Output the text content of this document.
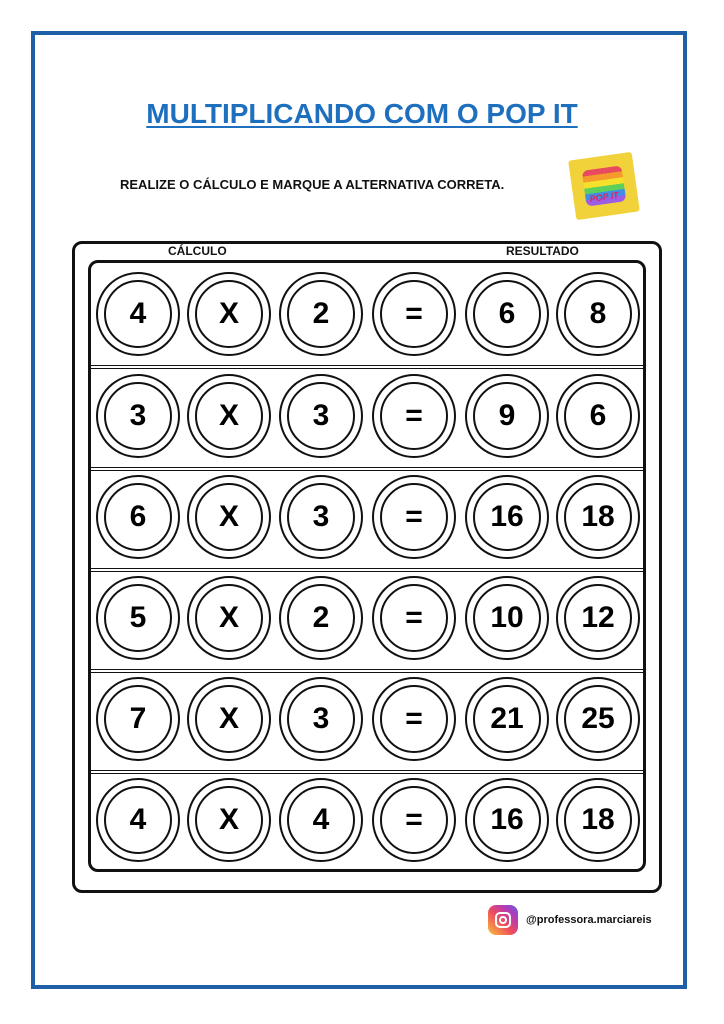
MULTIPLICANDO COM O POP IT
REALIZE O CÁLCULO E MARQUE A ALTERNATIVA CORRETA.
POP IT
CÁLCULO	RESULTADO
4 X 2	=	6 8
3 X 3	=	9 6
6 X 3	= 16 18
5 X 2	= 10 12
7 X 3	= 21 25
4 X 4	= 16 18
@professora.marciareis
